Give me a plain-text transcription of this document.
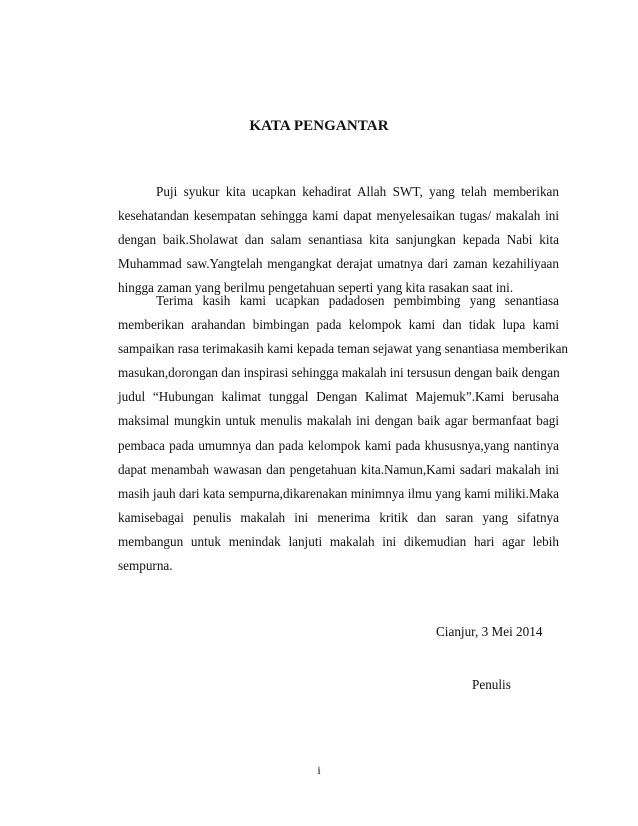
KATA PENGANTAR

Puji syukur kita ucapkan kehadirat Allah SWT, yang telah memberikan
kesehatandan kesempatan sehingga kami dapat menyelesaikan tugas/ makalah ini
dengan baik.Sholawat dan salam senantiasa kita sanjungkan kepada Nabi kita
Muhammad saw.Yangtelah mengangkat derajat umatnya dari zaman kezahiliyaan
hingga zaman yang berilmu pengetahuan seperti yang kita rasakan saat ini.

Terima kasih kami ucapkan padadosen pembimbing yang senantiasa
memberikan arahandan bimbingan pada kelompok kami dan tidak lupa kami
sampaikan rasa terimakasih kami kepada teman sejawat yang senantiasa memberikan
masukan,dorongan dan inspirasi sehingga makalah ini tersusun dengan baik dengan
judul “Hubungan kalimat tunggal Dengan Kalimat Majemuk”.Kami berusaha
maksimal mungkin untuk menulis makalah ini dengan baik agar bermanfaat bagi
pembaca pada umumnya dan pada kelompok kami pada khususnya,yang nantinya
dapat menambah wawasan dan pengetahuan kita.Namun,Kami sadari makalah ini
masih jauh dari kata sempurna,dikarenakan minimnya ilmu yang kami miliki.Maka
kamisebagai penulis makalah ini menerima kritik dan saran yang sifatnya
membangun untuk menindak lanjuti makalah ini dikemudian hari agar lebih
sempurna.

Cianjur, 3 Mei 2014
Penulis
i
